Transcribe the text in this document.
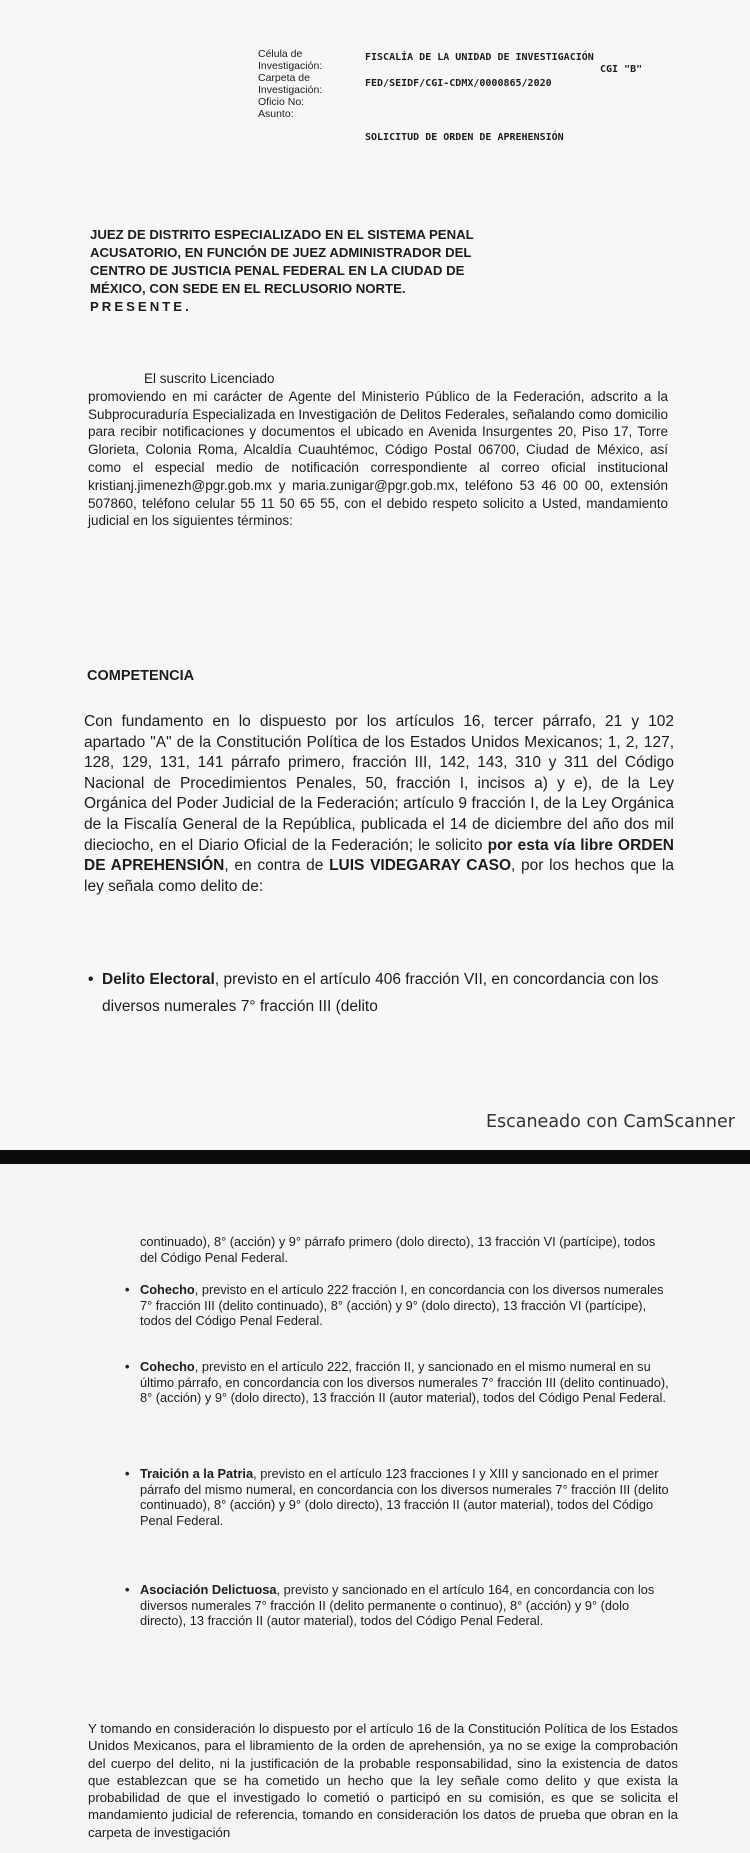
Célula de
Investigación:
Carpeta de
Investigación:
Oficio No:
Asunto:
FISCALÍA DE LA UNIDAD DE INVESTIGACIÓN
CGI "B"
FED/SEIDF/CGI-CDMX/0000865/2020
SOLICITUD DE ORDEN DE APREHENSIÓN
JUEZ DE DISTRITO ESPECIALIZADO EN EL SISTEMA PENAL
ACUSATORIO, EN FUNCIÓN DE JUEZ ADMINISTRADOR DEL
CENTRO DE JUSTICIA PENAL FEDERAL EN LA CIUDAD DE
MÉXICO, CON SEDE EN EL RECLUSORIO NORTE.
PRESENTE.
El suscrito Licenciado
promoviendo en mi carácter de Agente del Ministerio Público de la Federación, adscrito a la Subprocuraduría Especializada en Investigación de Delitos Federales, señalando como domicilio para recibir notificaciones y documentos el ubicado en Avenida Insurgentes 20, Piso 17, Torre Glorieta, Colonia Roma, Alcaldía Cuauhtémoc, Código Postal 06700, Ciudad de México, así como el especial medio de notificación correspondiente al correo oficial institucional kristianj.jimenezh@pgr.gob.mx y maria.zunigar@pgr.gob.mx, teléfono 53 46 00 00, extensión 507860, teléfono celular 55 11 50 65 55, con el debido respeto solicito a Usted, mandamiento judicial en los siguientes términos:
COMPETENCIA
Con fundamento en lo dispuesto por los artículos 16, tercer párrafo, 21 y 102 apartado "A" de la Constitución Política de los Estados Unidos Mexicanos; 1, 2, 127, 128, 129, 131, 141 párrafo primero, fracción III, 142, 143, 310 y 311 del Código Nacional de Procedimientos Penales, 50, fracción I, incisos a) y e), de la Ley Orgánica del Poder Judicial de la Federación; artículo 9 fracción I, de la Ley Orgánica de la Fiscalía General de la República, publicada el 14 de diciembre del año dos mil dieciocho, en el Diario Oficial de la Federación; le solicito por esta vía libre ORDEN DE APREHENSIÓN, en contra de LUIS VIDEGARAY CASO, por los hechos que la ley señala como delito de:
• Delito Electoral, previsto en el artículo 406 fracción VII, en concordancia con los diversos numerales 7° fracción III (delito
Escaneado con CamScanner
continuado), 8° (acción) y 9° párrafo primero (dolo directo), 13 fracción VI (partícipe), todos del Código Penal Federal.
• Cohecho, previsto en el artículo 222 fracción I, en concordancia con los diversos numerales 7° fracción III (delito continuado), 8° (acción) y 9° (dolo directo), 13 fracción VI (partícipe), todos del Código Penal Federal.
• Cohecho, previsto en el artículo 222, fracción II, y sancionado en el mismo numeral en su último párrafo, en concordancia con los diversos numerales 7° fracción III (delito continuado), 8° (acción) y 9° (dolo directo), 13 fracción II (autor material), todos del Código Penal Federal.
• Traición a la Patria, previsto en el artículo 123 fracciones I y XIII y sancionado en el primer párrafo del mismo numeral, en concordancia con los diversos numerales 7° fracción III (delito continuado), 8° (acción) y 9° (dolo directo), 13 fracción II (autor material), todos del Código Penal Federal.
• Asociación Delictuosa, previsto y sancionado en el artículo 164, en concordancia con los diversos numerales 7° fracción II (delito permanente o continuo), 8° (acción) y 9° (dolo directo), 13 fracción II (autor material), todos del Código Penal Federal.
Y tomando en consideración lo dispuesto por el artículo 16 de la Constitución Política de los Estados Unidos Mexicanos, para el libramiento de la orden de aprehensión, ya no se exige la comprobación del cuerpo del delito, ni la justificación de la probable responsabilidad, sino la existencia de datos que establezcan que se ha cometido un hecho que la ley señale como delito y que exista la probabilidad de que el investigado lo cometió o participó en su comisión, es que se solicita el mandamiento judicial de referencia, tomando en consideración los datos de prueba que obran en la carpeta de investigación
